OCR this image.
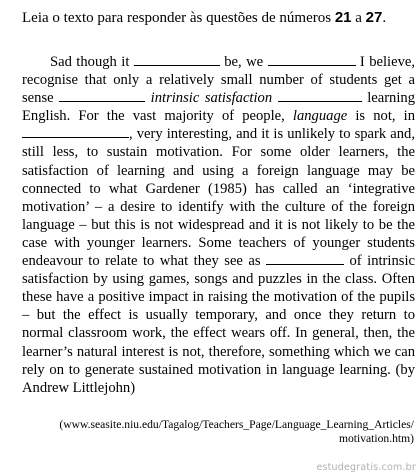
Leia o texto para responder às questões de números 21 a 27.

Sad though it	be, we	I believe, recognise that only a relatively small number of students get a sense	intrinsic satisfaction	learning English. For the vast majority of people, language is not, in , very interesting, and it is unlikely to spark and, still less, to sustain motivation. For some older learners, the satisfaction of learning and using a foreign language may be connected to what Gardener (1985) has called an ‘integrative motivation’ – a desire to identify with the culture of the foreign language – but this is not widespread and it is not likely to be the case with younger learners. Some teachers of younger students endeavour to relate to what they see as	of intrinsic satisfaction by using games, songs and puzzles in the class. Often these have a positive impact in raising the motivation of the pupils – but the effect is usually temporary, and once they return to normal classroom work, the effect wears off. In general, then, the learner’s natural interest is not, therefore, something which we can rely on to generate sustained motivation in language learning. (by Andrew Littlejohn)

(www.seasite.niu.edu/Tagalog/Teachers_Page/Language_Learning_Articles/
motivation.htm)
estudegratis.com.br
